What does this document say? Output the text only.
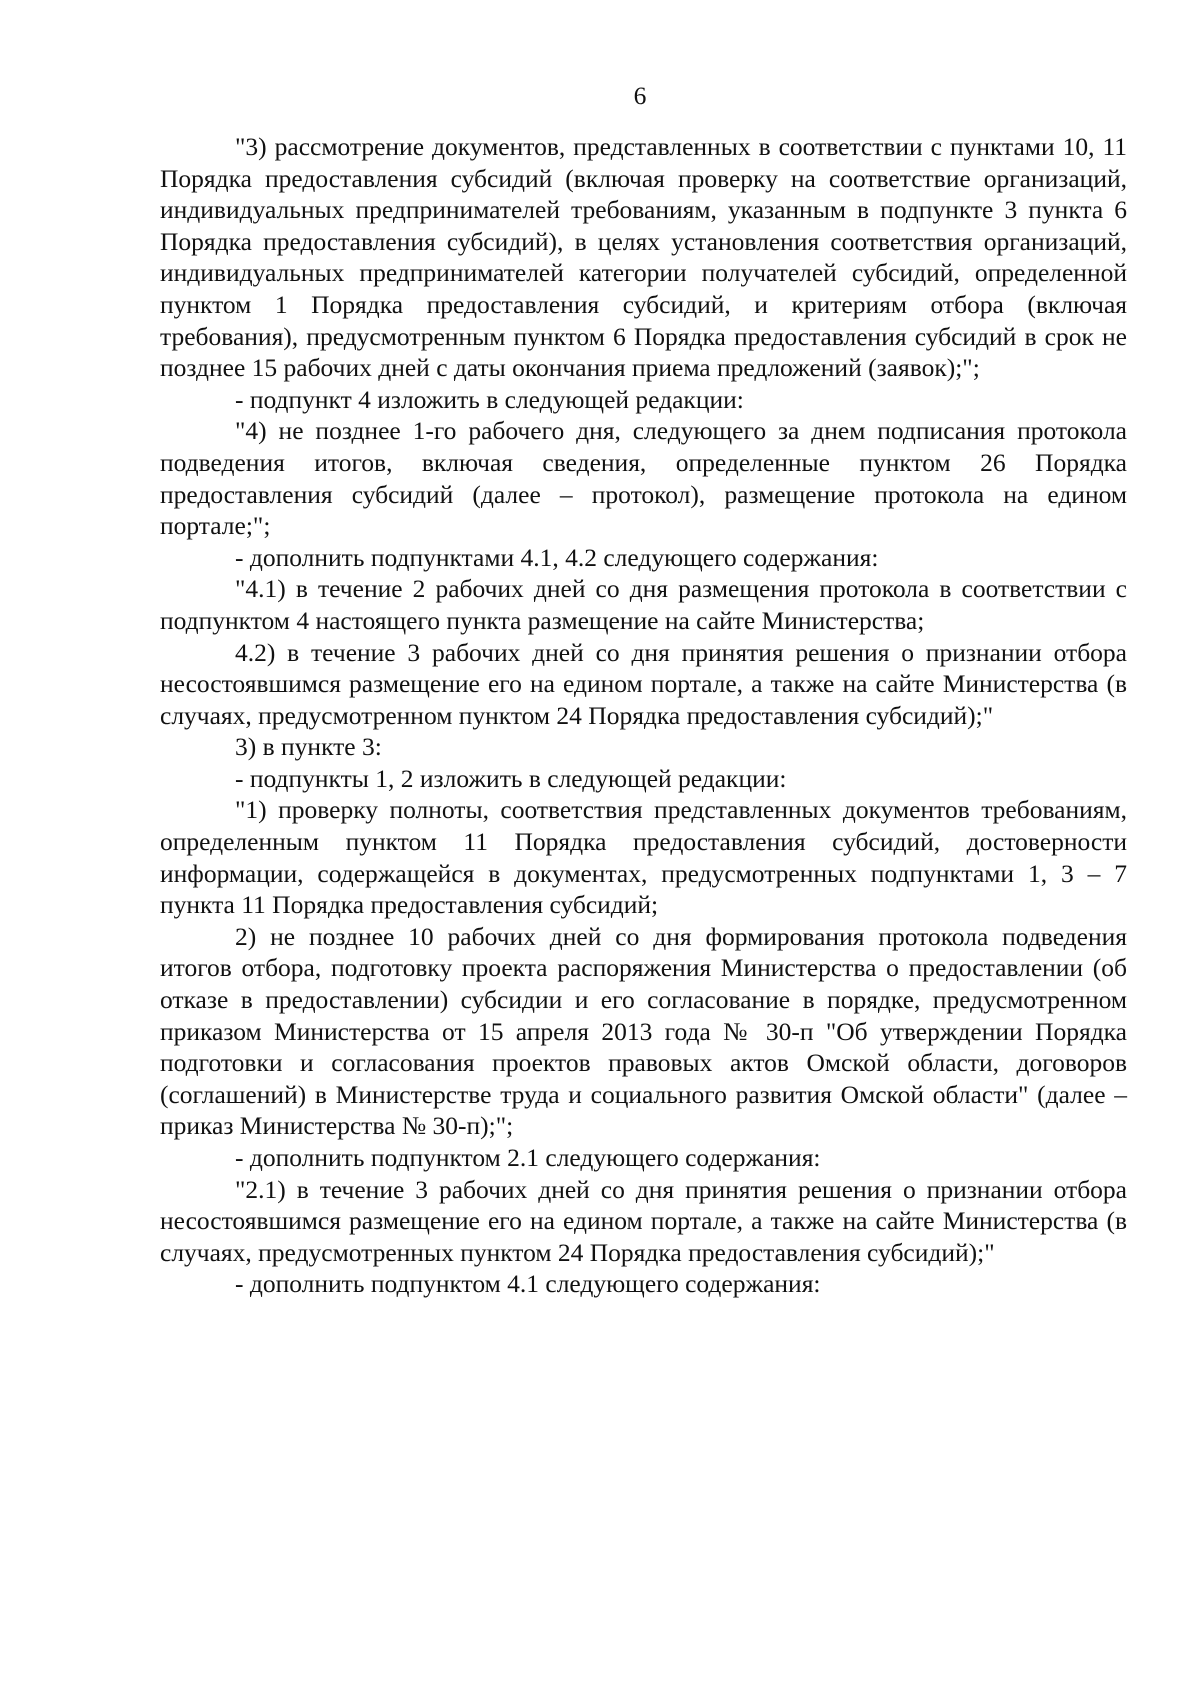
6

"3) рассмотрение документов, представленных в соответствии с пунктами 10, 11 Порядка предоставления субсидий (включая проверку на соответствие организаций, индивидуальных предпринимателей требованиям, указанным в подпункте 3 пункта 6 Порядка предоставления субсидий), в целях установления соответствия организаций, индивидуальных предпринимателей категории получателей субсидий, определенной пунктом 1 Порядка предоставления субсидий, и критериям отбора (включая требования), предусмотренным пунктом 6 Порядка предоставления субсидий в срок не позднее 15 рабочих дней с даты окончания приема предложений (заявок);";

- подпункт 4 изложить в следующей редакции:

"4) не позднее 1-го рабочего дня, следующего за днем подписания протокола подведения итогов, включая сведения, определенные пунктом 26 Порядка предоставления субсидий (далее – протокол), размещение протокола на едином портале;";

- дополнить подпунктами 4.1, 4.2 следующего содержания:

"4.1) в течение 2 рабочих дней со дня размещения протокола в соответствии с подпунктом 4 настоящего пункта размещение на сайте Министерства;

4.2) в течение 3 рабочих дней со дня принятия решения о признании отбора несостоявшимся размещение его на едином портале, а также на сайте Министерства (в случаях, предусмотренном пунктом 24 Порядка предоставления субсидий);"

3) в пункте 3:

- подпункты 1, 2 изложить в следующей редакции:

"1) проверку полноты, соответствия представленных документов требованиям, определенным пунктом 11 Порядка предоставления субсидий, достоверности информации, содержащейся в документах, предусмотренных подпунктами 1, 3 – 7 пункта 11 Порядка предоставления субсидий;

2) не позднее 10 рабочих дней со дня формирования протокола подведения итогов отбора, подготовку проекта распоряжения Министерства о предоставлении (об отказе в предоставлении) субсидии и его согласование в порядке, предусмотренном приказом Министерства от 15 апреля 2013 года № 30-п "Об утверждении Порядка подготовки и согласования проектов правовых актов Омской области, договоров (соглашений) в Министерстве труда и социального развития Омской области" (далее – приказ Министерства № 30-п);";

- дополнить подпунктом 2.1 следующего содержания:

"2.1) в течение 3 рабочих дней со дня принятия решения о признании отбора несостоявшимся размещение его на едином портале, а также на сайте Министерства (в случаях, предусмотренных пунктом 24 Порядка предоставления субсидий);"

- дополнить подпунктом 4.1 следующего содержания:
